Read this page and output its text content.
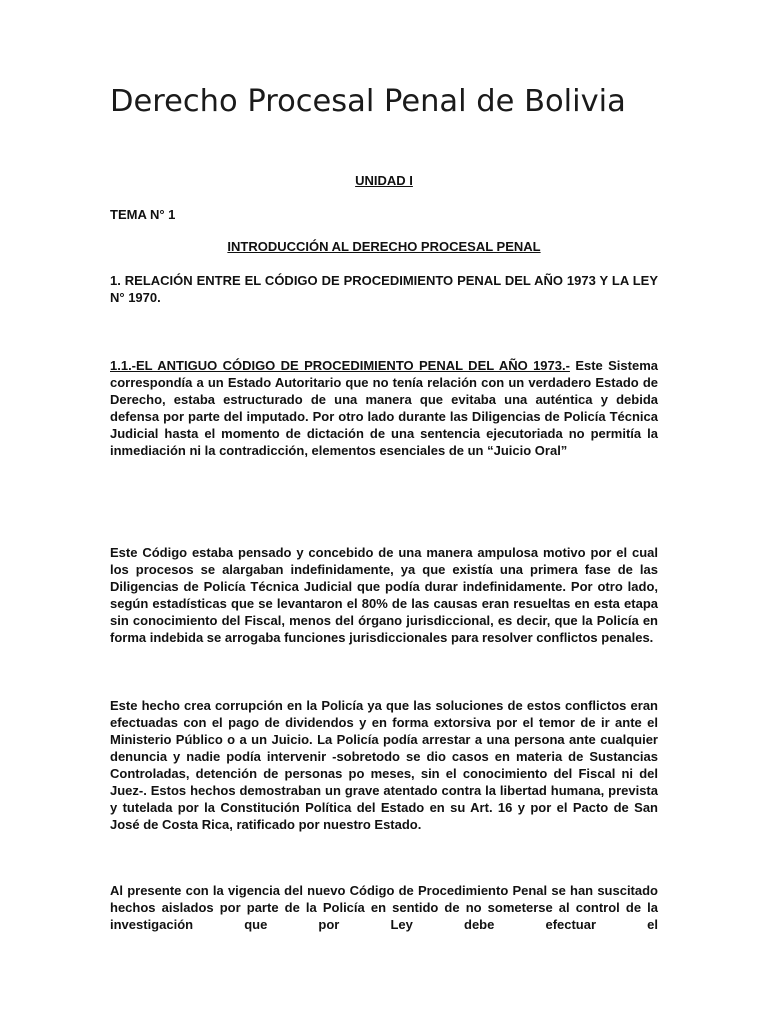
Derecho Procesal Penal de Bolivia
UNIDAD I
TEMA N° 1
INTRODUCCIÓN AL DERECHO PROCESAL PENAL
1. RELACIÓN ENTRE EL CÓDIGO DE PROCEDIMIENTO PENAL DEL AÑO 1973 Y LA LEY N° 1970.
1.1.-EL ANTIGUO CÓDIGO DE PROCEDIMIENTO PENAL DEL AÑO 1973.- Este Sistema correspondía a un Estado Autoritario que no tenía relación con un verdadero Estado de Derecho, estaba estructurado de una manera que evitaba una auténtica y debida defensa por parte del imputado. Por otro lado durante las Diligencias de Policía Técnica Judicial hasta el momento de dictación de una sentencia ejecutoriada no permitía la inmediación ni la contradicción, elementos esenciales de un “Juicio Oral”
Este Código estaba pensado y concebido de una manera ampulosa motivo por el cual los procesos se alargaban indefinidamente, ya que existía una primera fase de las Diligencias de Policía Técnica Judicial que podía durar indefinidamente. Por otro lado, según estadísticas que se levantaron el 80% de las causas eran resueltas en esta etapa sin conocimiento del Fiscal, menos del órgano jurisdiccional, es decir, que la Policía en forma indebida se arrogaba funciones jurisdiccionales para resolver conflictos penales.
Este hecho crea corrupción en la Policía ya que las soluciones de estos conflictos eran efectuadas con el pago de dividendos y en forma extorsiva por el temor de ir ante el Ministerio Público o a un Juicio. La Policía podía arrestar a una persona ante cualquier denuncia y nadie podía intervenir -sobretodo se dio casos en materia de Sustancias Controladas, detención de personas po meses, sin el conocimiento del Fiscal ni del Juez-. Estos hechos demostraban un grave atentado contra la libertad humana, prevista y tutelada por la Constitución Política del Estado en su Art. 16 y por el Pacto de San José de Costa Rica, ratificado por nuestro Estado.
Al presente con la vigencia del nuevo Código de Procedimiento Penal se han suscitado hechos aislados por parte de la Policía en sentido de no someterse al control de la investigación que por Ley debe efectuar el
